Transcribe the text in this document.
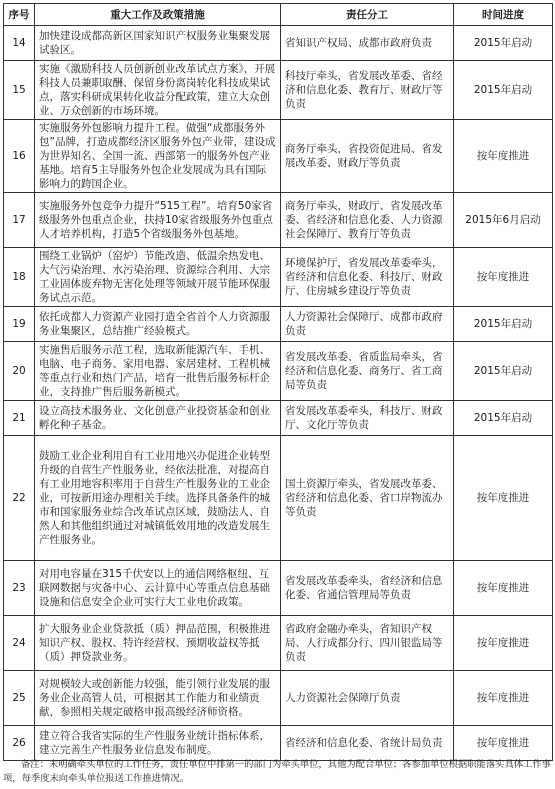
序号	重大工作及政策措施	责任分工	时间进度
14	加快建设成都高新区国家知识产权服务业集聚发展试验区。	省知识产权局、成都市政府负责	2015年启动
15	实施《激励科技人员创新创业改革试点方案》，开展科技人员兼职取酬、保留身份离岗转化科技成果试点，落实科研成果转化收益分配政策，建立大众创业、万众创新的市场环境。	科技厅牵头，省发展改革委、省经济和信息化委、教育厅、财政厅等负责	2015年启动
16	实施服务外包影响力提升工程。做强“成都服务外包”品牌，打造成都经济区服务外包产业带，建设成为世界知名、全国一流、西部第一的服务外包产业基地。培育5主导服务外包企业发展成为具有国际影响力的跨国企业。	商务厅牵头，省投资促进局、省发展改革委、财政厅等负责	按年度推进
17	实施服务外包竞争力提升“515工程”。培育50家省级服务外包重点企业，扶持10家省级服务外包重点人才培养机构，打造5个省级服务外包基地。	商务厅牵头，财政厅、省发展改革委、省经济和信息化委、人力资源社会保障厅、教育厅等负责	2015年6月启动
18	围绕工业锅炉（窑炉）节能改造、低温余热发电、大气污染治理、水污染治理、资源综合利用、大宗工业固体废弃物无害化处理等领域开展节能环保服务试点示范。	环境保护厅，省发展改革委牵头，省经济和信息化委、科技厅、财政厅、住房城乡建设厅等负责	按年度推进
19	依托成都人力资源产业园打造全省首个人力资源服务业集聚区，总结推广经验模式。	人力资源社会保障厅、成都市政府负责	2015年启动
20	实施售后服务示范工程，选取新能源汽车、手机、电脑、电子商务、家用电器、家居建材、工程机械等重点行业和热门产品，培育一批售后服务标杆企业，支持推广售后服务新模式。	省发展改革委、省质监局牵头，省经济和信息化委、商务厅、省工商局等负责	2015年启动
21	设立高技术服务业、文化创意产业投资基金和创业孵化种子基金。	省发展改革委牵头，科技厅、财政厅、文化厅等负责	2015年启动
22	鼓励工业企业利用自有工业用地兴办促进企业转型升级的自营生产性服务业，经依法批准，对提高自有工业用地容积率用于自营生产性服务业的工业企业，可按新用途办理相关手续。选择具备条件的城市和国家服务业综合改革试点区域，鼓励法人、自然人和其他组织通过对城镇低效用地的改造发展生产性服务业。	国土资源厅牵头，省发展改革委、省经济和信息化委、省口岸物流办等负责	按年度推进
23	对用电容量在315千伏安以上的通信网络枢纽、互联网数据与灾备中心、云计算中心等重点信息基础设施和信息安全企业可实行大工业电价政策。	省发展改革委牵头，省经济和信息化委、省通信管理局等负责	按年度推进
24	扩大服务业企业贷款抵（质）押品范围，积极推进知识产权、股权、特许经营权、预期收益权等抵（质）押贷款业务。	省政府金融办牵头，省知识产权局、人行成都分行、四川银监局等负责	按年度推进
25	对规模较大或创新能力较强，能引领行业发展的服务业企业高管人员，可根据其工作能力和业绩贡献，参照相关规定破格申报高级经济师资格。	人力资源社会保障厅负责	按年度推进
26	建立符合我省实际的生产性服务业统计指标体系，建立完善生产性服务业信息发布制度。	省经济和信息化委、省统计局负责	按年度推进
备注：未明确牵头单位的工作任务，责任单位中排第一的部门为牵头单位，其他为配合单位；各参加单位根据职能落实具体工作事项，每季度末向牵头单位报送工作推进情况。
